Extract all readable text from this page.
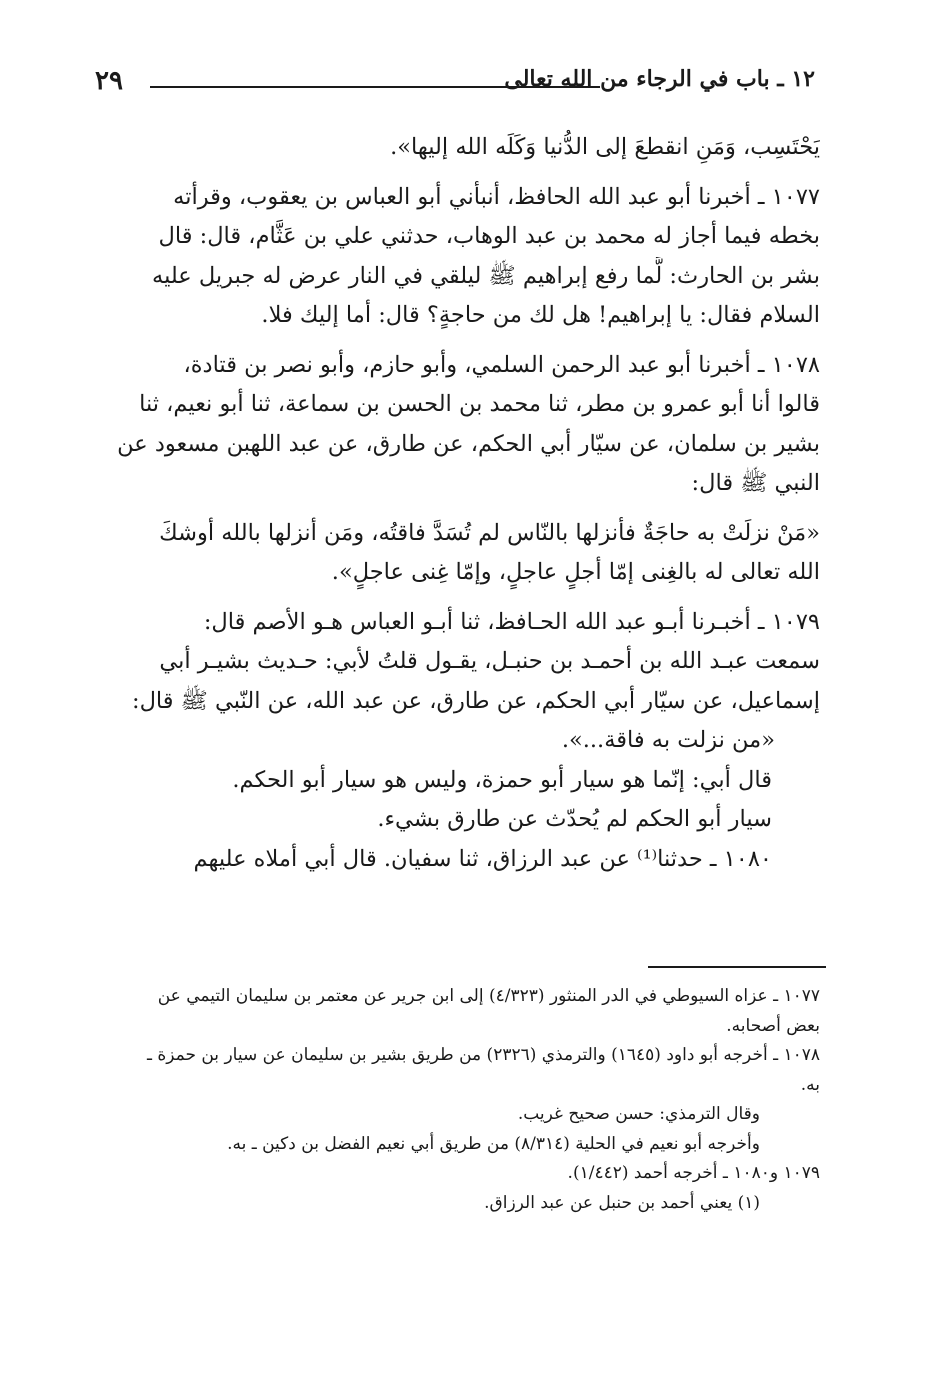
٢٩	١٢ ـ باب في الرجاء من الله تعالى
يَحْتَسِب، وَمَنِ انقطعَ إلى الدُّنيا وَكَلَه الله إليها».
١٠٧٧ ـ أخبرنا أبو عبد الله الحافظ، أنبأني أبو العباس بن يعقوب، وقرأته
بخطه فيما أجاز له محمد بن عبد الوهاب، حدثني علي بن عَثَّام، قال: قال
بشر بن الحارث: لَّما رفع إبراهيم ﷺ ليلقي في النار عرض له جبريل عليه
السلام فقال: يا إبراهيم! هل لك من حاجةٍ؟ قال: أما إليك فلا.
١٠٧٨ ـ أخبرنا أبو عبد الرحمن السلمي، وأبو حازم، وأبو نصر بن قتادة،
قالوا أنا أبو عمرو بن مطر، ثنا محمد بن الحسن بن سماعة، ثنا أبو نعيم، ثنا
بشير بن سلمان، عن سيّار أبي الحكم، عن طارق، عن عبد اللهبن مسعود عن
النبي ﷺ قال:
«مَنْ نزلَتْ به حاجَةٌ فأنزلها بالنّاس لم تُسَدَّ فاقتُه، ومَن أنزلها بالله أوشكَ
الله تعالى له بالغِنى إمّا أجلٍ عاجلٍ، وإمّا غِنى عاجلٍ».
١٠٧٩ ـ أخبـرنا أبـو عبد الله الحـافظ، ثنا أبـو العباس هـو الأصم قال:
سمعت عبـد الله بن أحمـد بن حنبـل، يقـول قلتُ لأبي: حـديث بشيـر أبي
إسماعيل، عن سيّار أبي الحكم، عن طارق، عن عبد الله، عن النّبي ﷺ قال:
«من نزلت به فاقة...».
قال أبي: إنّما هو سيار أبو حمزة، وليس هو سيار أبو الحكم.
سيار أبو الحكم لم يُحدّث عن طارق بشيء.
١٠٨٠ ـ حدثنا⁽¹⁾ عن عبد الرزاق، ثنا سفيان. قال أبي أملاه عليهم
١٠٧٧ ـ عزاه السيوطي في الدر المنثور (٤/٣٢٣) إلى ابن جرير عن معتمر بن سليمان التيمي عن
بعض أصحابه.
١٠٧٨ ـ أخرجه أبو داود (١٦٤٥) والترمذي (٢٣٢٦) من طريق بشير بن سليمان عن سيار بن حمزة ـ
به.
وقال الترمذي: حسن صحيح غريب.
وأخرجه أبو نعيم في الحلية (٨/٣١٤) من طريق أبي نعيم الفضل بن دكين ـ به.
١٠٧٩ و١٠٨٠ ـ أخرجه أحمد (١/٤٤٢).
(١) يعني أحمد بن حنبل عن عبد الرزاق.
